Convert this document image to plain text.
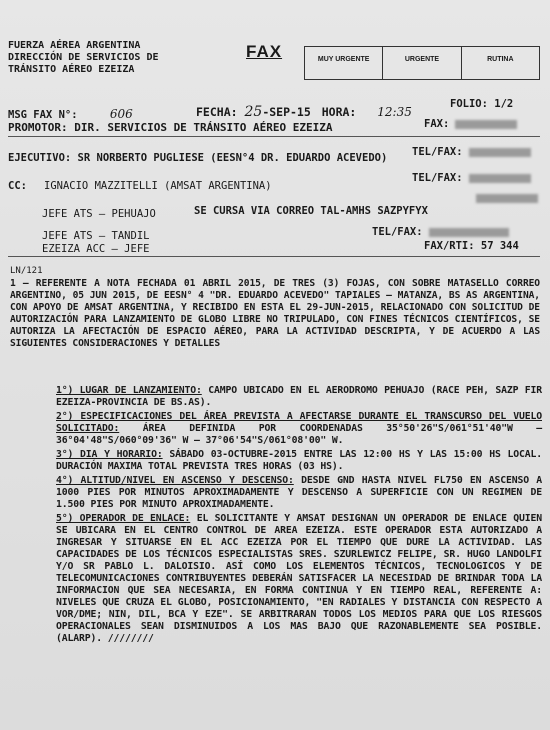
FUERZA AÉREA ARGENTINA
DIRECCIÓN DE SERVICIOS DE
TRÁNSITO AÉREO EZEIZA
FAX	MUY URGENTE	URGENTE	RUTINA
MSG FAX N°:	606	FECHA: 25-SEP-15 HORA: 12:35
FOLIO: 1/2
PROMOTOR: DIR. SERVICIOS DE TRÁNSITO AÉREO EZEIZA	FAX:
EJECUTIVO: SR NORBERTO PUGLIESE (EESN°4 DR. EDUARDO ACEVEDO) TEL/FAX:
CC: IGNACIO MAZZITELLI (AMSAT ARGENTINA)
TEL/FAX:
JEFE ATS – PEHUAJO	SE CURSA VIA CORREO TAL-AMHS SAZPYFYX
JEFE ATS – TANDIL	TEL/FAX:
EZEIZA ACC – JEFE	FAX/RTI: 57 344
LN/121

1 – REFERENTE A NOTA FECHADA 01 ABRIL 2015, DE TRES (3) FOJAS, CON SOBRE MATASELLO CORREO ARGENTINO, 05 JUN 2015, DE EESN° 4 "DR. EDUARDO ACEVEDO" TAPIALES – MATANZA, BS AS ARGENTINA, CON APOYO DE AMSAT ARGENTINA, Y RECIBIDO EN ESTA EL 29-JUN-2015, RELACIONADO CON SOLICITUD DE AUTORIZACIÓN PARA LANZAMIENTO DE GLOBO LIBRE NO TRIPULADO, CON FINES TÉCNICOS CIENTÍFICOS, SE AUTORIZA LA AFECTACIÓN DE ESPACIO AÉREO, PARA LA ACTIVIDAD DESCRIPTA, Y DE ACUERDO A LAS SIGUIENTES CONSIDERACIONES Y DETALLES

1°) LUGAR DE LANZAMIENTO: CAMPO UBICADO EN EL AERODROMO PEHUAJO (RACE PEH, SAZP FIR EZEIZA-PROVINCIA DE BS.AS).

2°) ESPECIFICACIONES DEL ÁREA PREVISTA A AFECTARSE DURANTE EL TRANSCURSO DEL VUELO SOLICITADO: ÁREA DEFINIDA POR COORDENADAS 35°50'26"S/061°51'40"W – 36°04'48"S/060°09'36" W – 37°06'54"S/061°08'00" W.

3°) DIA Y HORARIO: SÁBADO 03-OCTUBRE-2015 ENTRE LAS 12:00 HS Y LAS 15:00 HS LOCAL. DURACIÓN MAXIMA TOTAL PREVISTA TRES HORAS (03 HS).

4°) ALTITUD/NIVEL EN ASCENSO Y DESCENSO: DESDE GND HASTA NIVEL FL750 EN ASCENSO A 1000 PIES POR MINUTOS APROXIMADAMENTE Y DESCENSO A SUPERFICIE CON UN REGIMEN DE 1.500 PIES POR MINUTO APROXIMADAMENTE.

5°) OPERADOR DE ENLACE: EL SOLICITANTE Y AMSAT DESIGNAN UN OPERADOR DE ENLACE QUIEN SE UBICARA EN EL CENTRO CONTROL DE AREA EZEIZA. ESTE OPERADOR ESTA AUTORIZADO A INGRESAR Y SITUARSE EN EL ACC EZEIZA POR EL TIEMPO QUE DURE LA ACTIVIDAD. LAS CAPACIDADES DE LOS TÉCNICOS ESPECIALISTAS SRES. SZURLEWICZ FELIPE, SR. HUGO LANDOLFI Y/O SR PABLO L. DALOISIO. ASÍ COMO LOS ELEMENTOS TÉCNICOS, TECNOLOGICOS Y DE TELECOMUNICACIONES CONTRIBUYENTES DEBERÁN SATISFACER LA NECESIDAD DE BRINDAR TODA LA INFORMACION QUE SEA NECESARIA, EN FORMA CONTINUA Y EN TIEMPO REAL, REFERENTE A: NIVELES QUE CRUZA EL GLOBO, POSICIONAMIENTO, "EN RADIALES Y DISTANCIA CON RESPECTO A VOR/DME; NIN, DIL, BCA Y EZE". SE ARBITRARAN TODOS LOS MEDIOS PARA QUE LOS RIESGOS OPERACIONALES SEAN DISMINUIDOS A LOS MAS BAJO QUE RAZONABLEMENTE SEA POSIBLE. (ALARP). ////////
